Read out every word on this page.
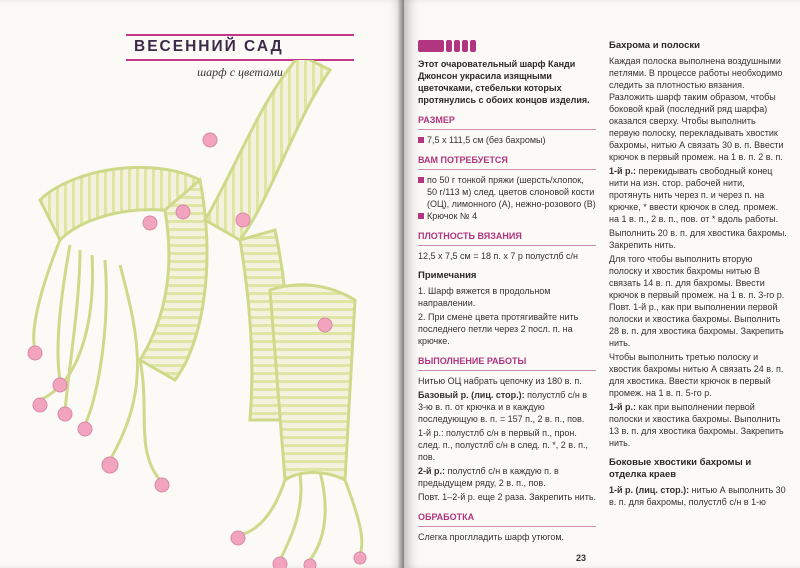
ВЕСЕННИЙ САД
шарф с цветами
Этот очаровательный шарф Канди Джонсон украсила изящными цветочками, стебельки которых протянулись с обоих концов изделия.
РАЗМЕР
7,5 х 111,5 см (без бахромы)
ВАМ ПОТРЕБУЕТСЯ
по 50 г тонкой пряжи (шерсть/хлопок, 50 г/113 м) след. цветов слоновой кости (ОЦ), лимонного (А), нежно-розового (В)
Крючок № 4
ПЛОТНОСТЬ ВЯЗАНИЯ
12,5 х 7,5 см = 18 п. х 7 р полустлб с/н
Примечания
1. Шарф вяжется в продольном направлении.
2. При смене цвета протягивайте нить последнего петли через 2 посл. п. на крючке.
ВЫПОЛНЕНИЕ РАБОТЫ
Нитью ОЦ набрать цепочку из 180 в. п.
Базовый р. (лиц. стор.): полустлб с/н в 3-ю в. п. от крючка и в каждую последующую в. п. = 157 п., 2 в. п., пов.
1-й р.: полустлб с/н в первый п., прон. след. п., полустлб с/н в след. п. *, 2 в. п., пов.
2-й р.: полустлб с/н в каждую п. в предыдущем ряду, 2 в. п., пов.
Повт. 1–2-й р. еще 2 раза. Закрепить нить.
ОБРАБОТКА
Слегка проглладить шарф утюгом.
Бахрома и полоски
Каждая полоска выполнена воздушными петлями. В процессе работы необходимо следить за плотностью вязания. Разложить шарф таким образом, чтобы боковой край (последний ряд шарфа) оказался сверху. Чтобы выполнить первую полоску, перекладывать хвостик бахромы, нитью А связать 30 в. п. Ввести крючок в первый промеж. на 1 в. п. 2 в. п.
1-й р.: перекидывать свободный конец нити на изн. стор. рабочей нити, протянуть нить через п. и через п. на крючке, * ввести крючок в след. промеж. на 1 в. п., 2 в. п., пов. от * вдоль работы.
Выполнить 20 в. п. для хвостика бахромы. Закрепить нить.
Для того чтобы выполнить вторую полоску и хвостик бахромы нитью В связать 14 в. п. для бахромы. Ввести крючок в первый промеж. на 1 в. п. 3-го р. Повт. 1-й р., как при выполнении первой полоски и хвостика бахромы. Выполнить 28 в. п. для хвостика бахромы. Закрепить нить.
Чтобы выполнить третью полоску и хвостик бахромы нитью А связать 24 в. п. для хвостика. Ввести крючок в первый промеж. на 1 в. п. 5-го р.
1-й р.: как при выполнении первой полоски и хвостика бахромы. Выполнить 13 в. п. для хвостика бахромы. Закрепить нить.
Боковые хвостики бахромы и отделка краев
1-й р. (лиц. стор.): нитью А выполнить 30 в. п. для бахромы, полустлб с/н в 1-ю
23
